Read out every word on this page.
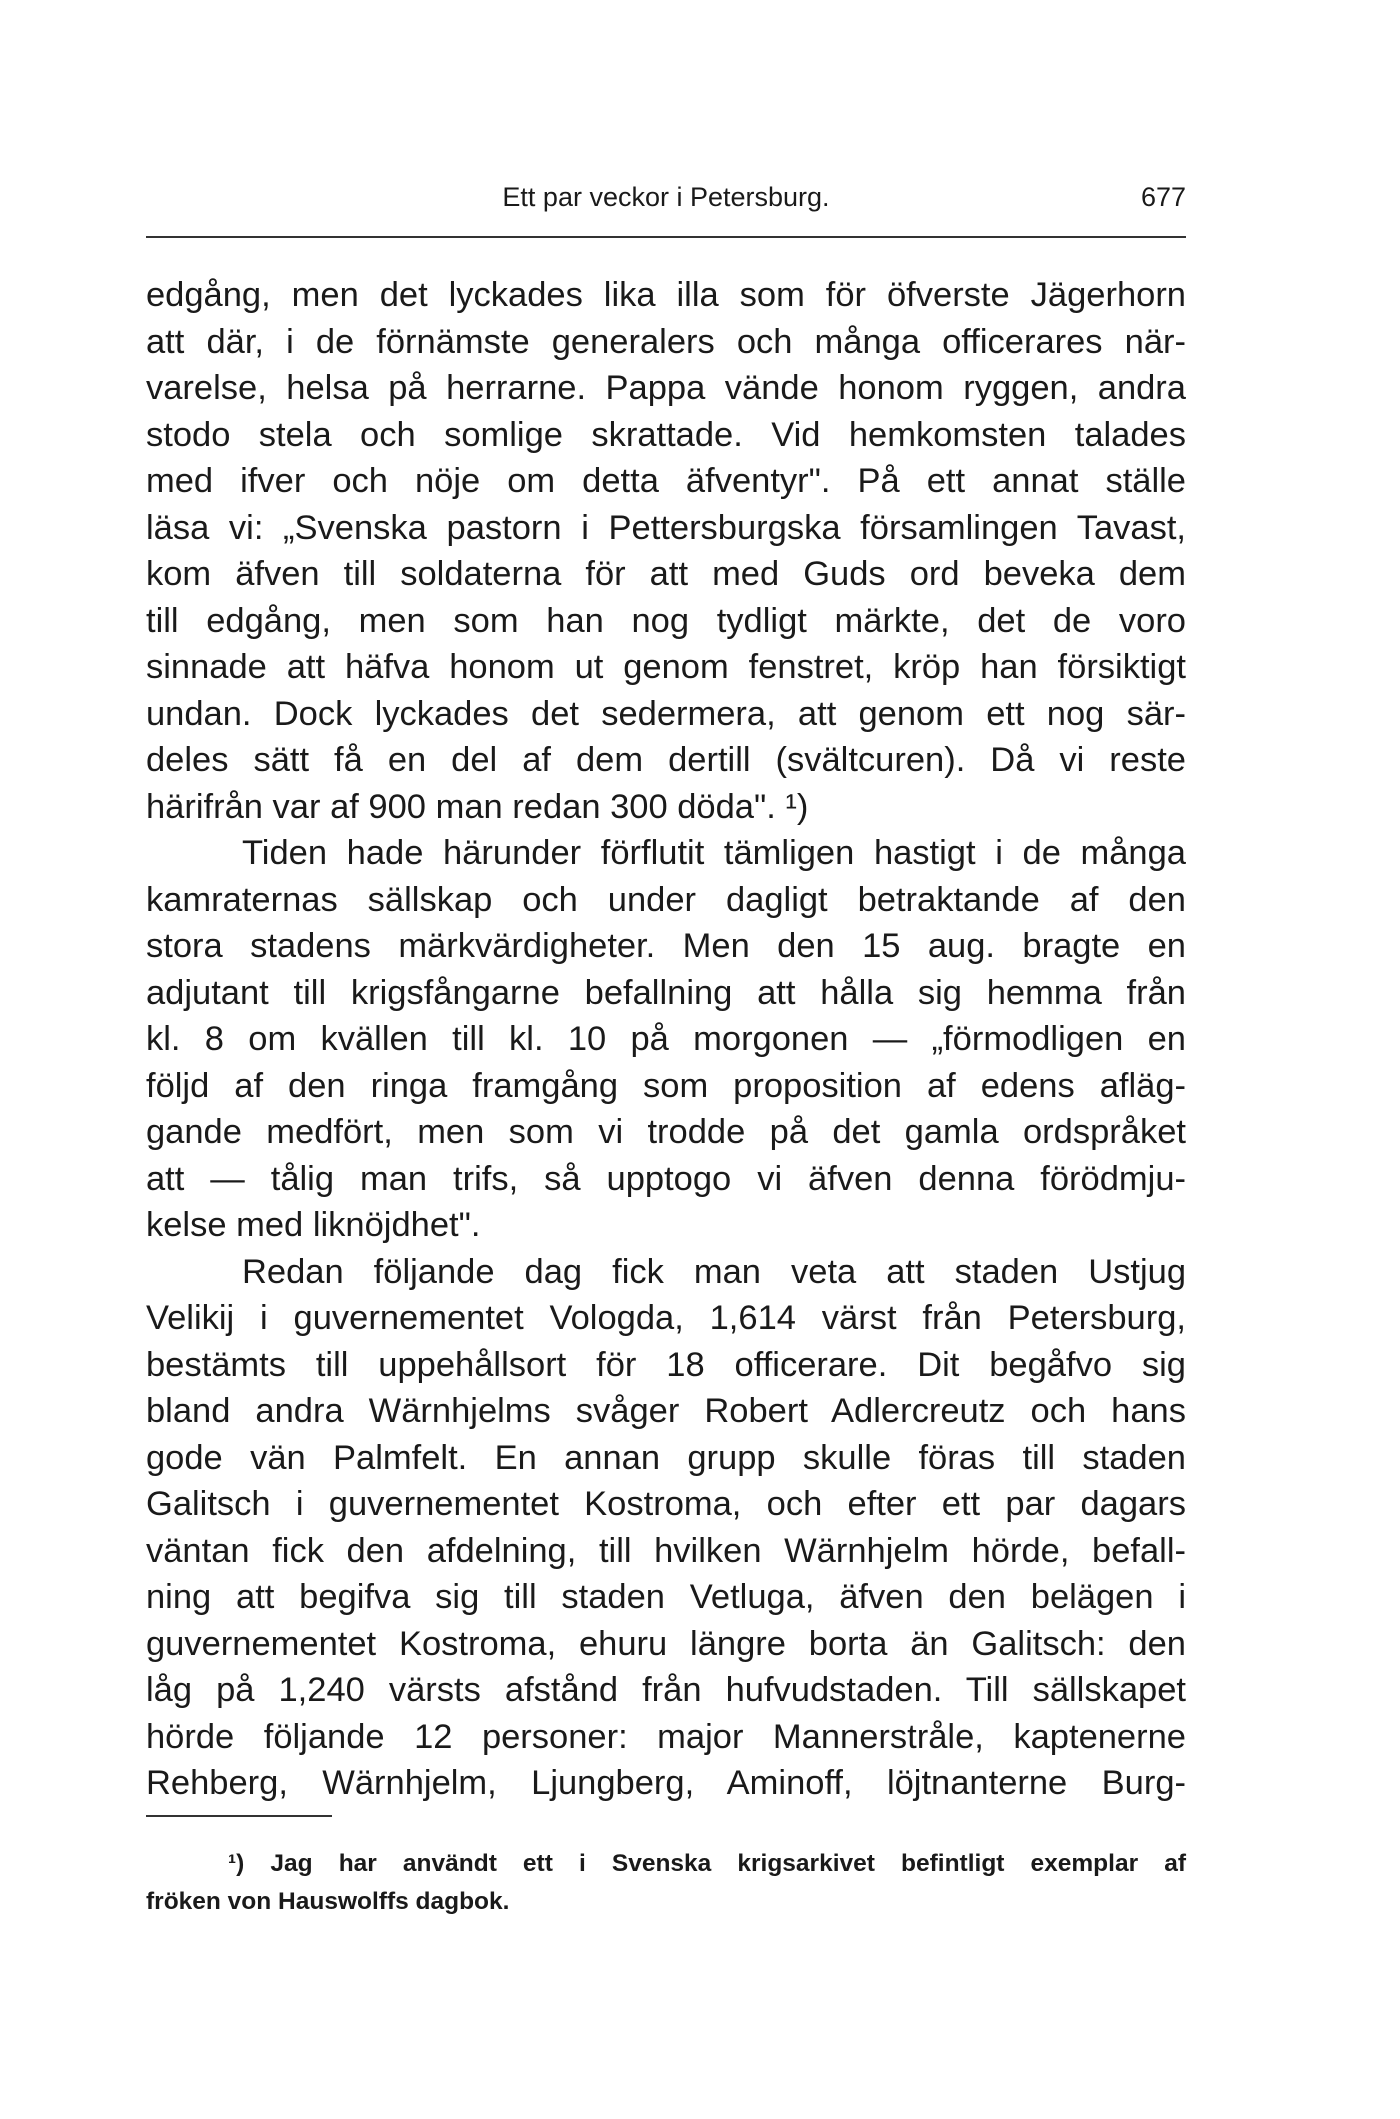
Ett par veckor i Petersburg.	677
edgång, men det lyckades lika illa som för öfverste Jägerhorn
att där, i de förnämste generalers och många officerares när-
varelse, helsa på herrarne. Pappa vände honom ryggen, andra
stodo stela och somlige skrattade. Vid hemkomsten talades
med ifver och nöje om detta äfventyr". På ett annat ställe
läsa vi: „Svenska pastorn i Pettersburgska församlingen Tavast,
kom äfven till soldaterna för att med Guds ord beveka dem
till edgång, men som han nog tydligt märkte, det de voro
sinnade att häfva honom ut genom fenstret, kröp han försiktigt
undan. Dock lyckades det sedermera, att genom ett nog sär-
deles sätt få en del af dem dertill (svältcuren). Då vi reste
härifrån var af 900 man redan 300 döda". ¹)
Tiden hade härunder förflutit tämligen hastigt i de många
kamraternas sällskap och under dagligt betraktande af den
stora stadens märkvärdigheter. Men den 15 aug. bragte en
adjutant till krigsfångarne befallning att hålla sig hemma från
kl. 8 om kvällen till kl. 10 på morgonen — „förmodligen en
följd af den ringa framgång som proposition af edens afläg-
gande medfört, men som vi trodde på det gamla ordspråket
att — tålig man trifs, så upptogo vi äfven denna förödmju-
kelse med liknöjdhet".
Redan följande dag fick man veta att staden Ustjug
Velikij i guvernementet Vologda, 1,614 värst från Petersburg,
bestämts till uppehållsort för 18 officerare. Dit begåfvo sig
bland andra Wärnhjelms svåger Robert Adlercreutz och hans
gode vän Palmfelt. En annan grupp skulle föras till staden
Galitsch i guvernementet Kostroma, och efter ett par dagars
väntan fick den afdelning, till hvilken Wärnhjelm hörde, befall-
ning att begifva sig till staden Vetluga, äfven den belägen i
guvernementet Kostroma, ehuru längre borta än Galitsch: den
låg på 1,240 värsts afstånd från hufvudstaden. Till sällskapet
hörde följande 12 personer: major Mannerstråle, kaptenerne
Rehberg, Wärnhjelm, Ljungberg, Aminoff, löjtnanterne Burg-
¹) Jag har användt ett i Svenska krigsarkivet befintligt exemplar af
fröken von Hauswolffs dagbok.
